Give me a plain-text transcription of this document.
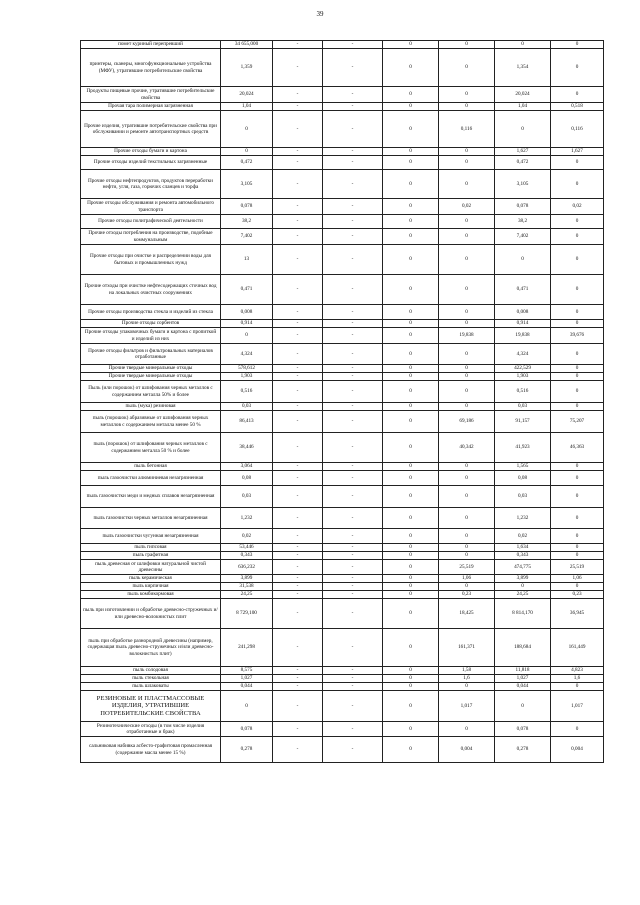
39
помет куриный перепревший	34 655,000	-	-	0	0	0	0
принтеры, сканеры, многофункциональные устройства (МФУ), утратившие потребительские свойства	1,359	-	-	0	0	1,354	0
Продукты пищевые прочие, утратившие потребительские свойства	20,024	-	-	0	0	20,024	0
Прочая тара полимерная загрязненная	1,04	-	-	0	0	1,04	0,518
Прочие изделия, утратившие потребительские свойства при обслуживании и ремонте автотранспортных средств	0	-	-	0	0,116	0	0,116
Прочие отходы бумаги и картона	0	-	-	0	0	1,627	1,627
Прочие отходы изделий текстильных загрязненные	0,472	-	-	0	0	0,472	0
Прочие отходы нефтепродуктов, продуктов переработки нефти, угля, газа, горючих сланцев и торфа	3,105	-	-	0	0	3,105	0
Прочие отходы обслуживания и ремонта автомобильного транспорта	0,078	-	-	0	0,02	0,078	0,02
Прочие отходы полиграфической деятельности	38,2	-	-	0	0	38,2	0
Прочие отходы потребления на производстве, подобные коммунальным	7,402	-	-	0	0	7,402	0
Прочие отходы при очистке и распределении воды для бытовых и промышленных нужд	13	-	-	0	0	0	0
Прочие отходы при очистке нефтесодержащих сточных вод на локальных очистных сооружениях	0,471	-	-	0	0	0,471	0
Прочие отходы производства стекла и изделий из стекла	0,008	-	-	0	0	0,008	0
Прочие отходы сорбентов	0,914	-	-	0	0	0,914	0
Прочие отходы упаковочных бумаги и картона с пропиткой и изделий из них	0	-	-	0	19,838	19,838	39,676
Прочие отходы фильтров и фильтровальных материалов отработанные	4,324	-	-	0	0	4,324	0
Прочие твердые минеральные отходы	578,612	-	-	0	0	422,529	0
Прочие твердые минеральные отходы	1,903	-	-	0	0	1,903	0
Пыль (или порошок) от шлифования черных металлов с содержанием металла 50% и более	0,516	-	-	0	0	0,516	0
пыль (мука) резиновая	0,03	-	-	0	0	0,03	0
пыль (порошок) абразивные от шлифования черных металлов с содержанием металла менее 50 %	86,413	-	-	0	69,186	91,157	75,207
пыль (порошок) от шлифования черных металлов с содержанием металла 50 % и более	38,446	-	-	0	40,342	41,923	46,363
пыль бетонная	3,064	-	-	0	0	1,565	0
пыль газоочистки алюминиевая незагрязненная	0,08	-	-	0	0	0,08	0
пыль газоочистки меди и медных сплавов незагрязненная	0,03	-	-	0	0	0,03	0
пыль газоочистки черных металлов незагрязненная	1,232	-	-	0	0	1,232	0
пыль газоочистки чугунная незагрязненная	0,02	-	-	0	0	0,02	0
пыль гипсовая	53,446	-	-	0	0	1,634	0
пыль графитная	0,343	-	-	0	0	0,343	0
пыль древесная от шлифовки натуральной чистой древесины	636,232	-	-	0	25,519	474,775	25,519
пыль керамическая	3,899	-	-	0	1,06	3,899	1,06
пыль кирпичная	31,538	-	-	0	0	0	0
пыль комбикормовая	24,25	-	-	0	0,23	24,25	0,23
пыль при изготовлении и обработке древесно-стружечных и/или древесно-волокнистых плит	8 729,100	-	-	0	18,425	8 814,170	36,945
пыль при обработке разнородной древесины (например, содержащая пыль древесно-стружечных и/или древесно-волокнистых плит)	241,298	-	-	0	161,371	188,684	161,449
пыль солодовая	8,575	-	-	0	1,58	11,818	4,823
пыль стекольная	1,027	-	-	0	1,6	1,027	1,6
пыль шлаковаты	0,044	-	-	0	0	0,044	0
РЕЗИНОВЫЕ И ПЛАСТМАССОВЫЕ ИЗДЕЛИЯ, УТРАТИВШИЕ ПОТРЕБИТЕЛЬСКИЕ СВОЙСТВА	0	-	-	0	1,017	0	1,017
Резинотехнические отходы (в том числе изделия отработанные и брак)	0,078	-	-	0	0	0,078	0
сальниковая набивка асбесто-графитовая промасленная (содержание масла менее 15 %)	0,278	-	-	0	0,004	0,278	0,004
